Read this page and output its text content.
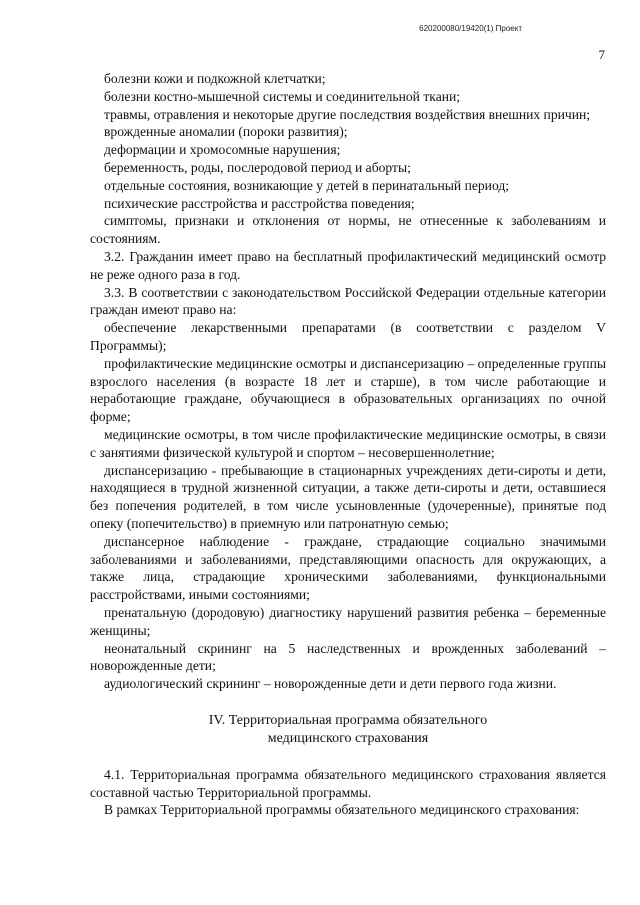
620200080/19420(1) Проект
7

болезни кожи и подкожной клетчатки;

болезни костно-мышечной системы и соединительной ткани;

травмы, отравления и некоторые другие последствия воздействия внешних причин;

врожденные аномалии (пороки развития);

деформации и хромосомные нарушения;

беременность, роды, послеродовой период и аборты;

отдельные состояния, возникающие у детей в перинатальный период;

психические расстройства и расстройства поведения;

симптомы, признаки и отклонения от нормы, не отнесенные к заболеваниям и состояниям.

3.2. Гражданин имеет право на бесплатный профилактический медицинский осмотр не реже одного раза в год.

3.3. В соответствии с законодательством Российской Федерации отдельные категории граждан имеют право на:

обеспечение лекарственными препаратами (в соответствии с разделом V Программы);

профилактические медицинские осмотры и диспансеризацию – определенные группы взрослого населения (в возрасте 18 лет и старше), в том числе работающие и неработающие граждане, обучающиеся в образовательных организациях по очной форме;

медицинские осмотры, в том числе профилактические медицинские осмотры, в связи с занятиями физической культурой и спортом – несовершеннолетние;

диспансеризацию - пребывающие в стационарных учреждениях дети-сироты и дети, находящиеся в трудной жизненной ситуации, а также дети-сироты и дети, оставшиеся без попечения родителей, в том числе усыновленные (удочеренные), принятые под опеку (попечительство) в приемную или патронатную семью;

диспансерное наблюдение - граждане, страдающие социально значимыми заболеваниями и заболеваниями, представляющими опасность для окружающих, а также лица, страдающие хроническими заболеваниями, функциональными расстройствами, иными состояниями;

пренатальную (дородовую) диагностику нарушений развития ребенка – беременные женщины;

неонатальный скрининг на 5 наследственных и врожденных заболеваний – новорожденные дети;

аудиологический скрининг – новорожденные дети и дети первого года жизни.

IV. Территориальная программа обязательного
медицинского страхования

4.1. Территориальная программа обязательного медицинского страхования является составной частью Территориальной программы.

В рамках Территориальной программы обязательного медицинского страхования:
